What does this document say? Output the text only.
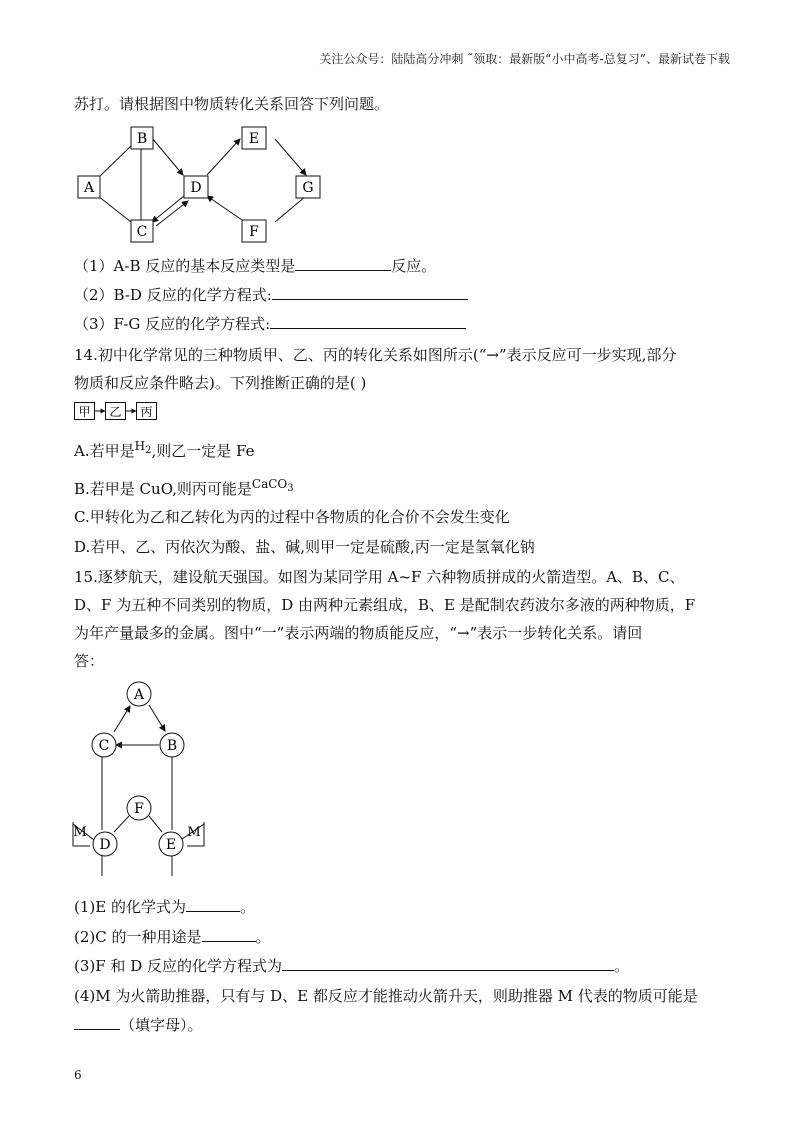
关注公众号：陆陆高分冲刺 ˜领取：最新版“小中高考-总复习”、最新试卷下载
苏打。请根据图中物质转化关系回答下列问题。
A
B
C
D
E
F
G
（1）A-B 反应的基本反应类型是	反应。
（2）B-D 反应的化学方程式:
（3）F-G 反应的化学方程式:
14.初中化学常见的三种物质甲、乙、丙的转化关系如图所示(“→”表示反应可一步实现,部分
物质和反应条件略去)。下列推断正确的是( )
甲 乙 丙
A.若甲是$^{H_2}$,则乙一定是 Fe
B.若甲是 CuO,则丙可能是$^{CaCO_3}$
C.甲转化为乙和乙转化为丙的过程中各物质的化合价不会发生变化
D.若甲、乙、丙依次为酸、盐、碱,则甲一定是硫酸,丙一定是氢氧化钠
15.逐梦航天，建设航天强国。如图为某同学用 A~F 六种物质拼成的火箭造型。A、B、C、
D、F 为五种不同类别的物质，D 由两种元素组成，B、E 是配制农药波尔多液的两种物质，F
为年产量最多的金属。图中“一”表示两端的物质能反应，“→”表示一步转化关系。请回
答：
A
B
C
D	E
F
M	M
(1)E 的化学式为	。
(2)C 的一种用途是	。
(3)F 和 D 反应的化学方程式为	。
(4)M 为火箭助推器，只有与 D、E 都反应才能推动火箭升天，则助推器 M 代表的物质可能是
（填字母）。
6
